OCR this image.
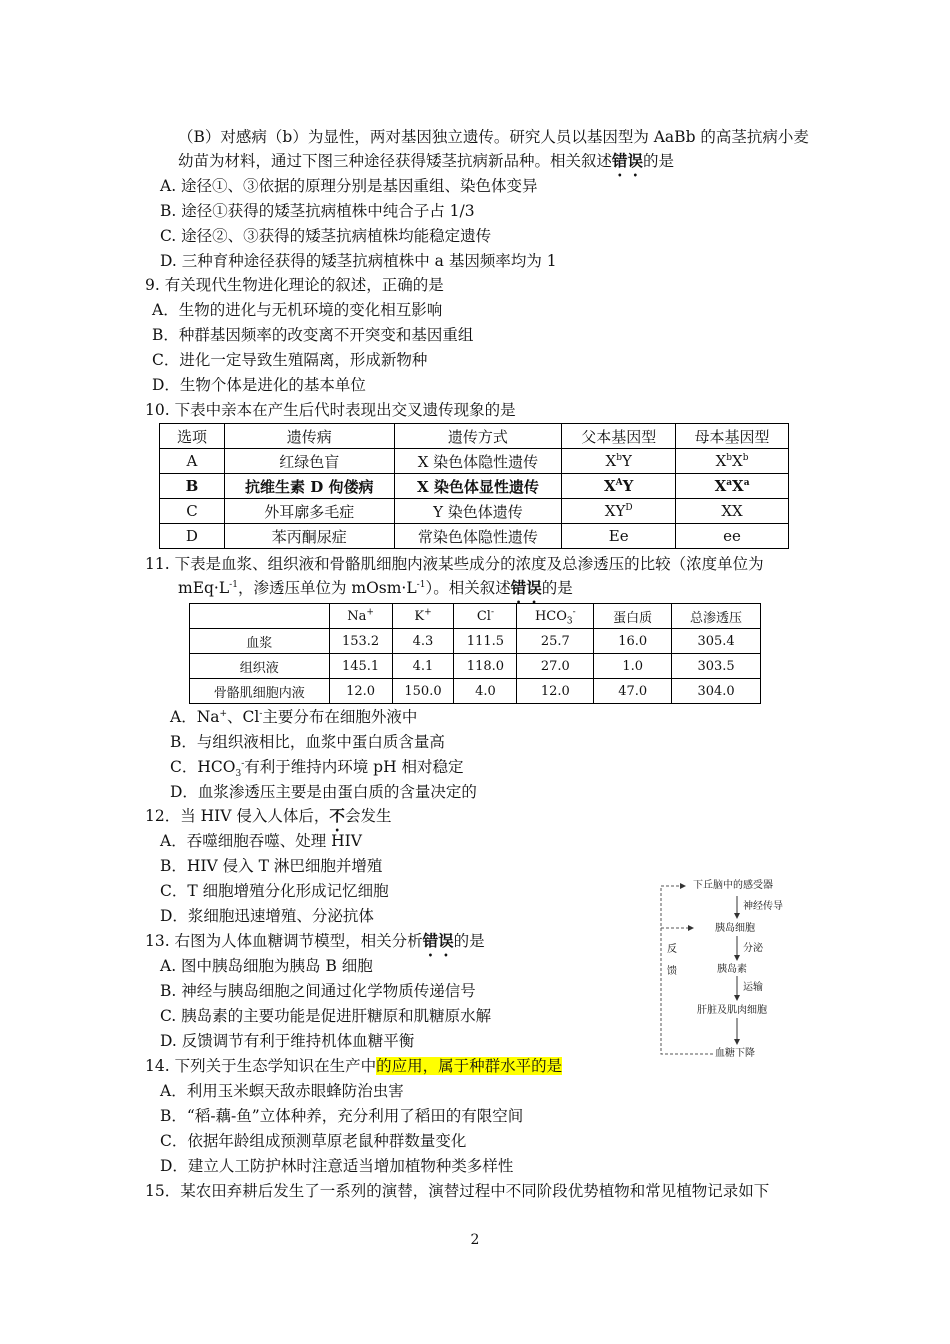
（B）对感病（b）为显性，两对基因独立遗传。研究人员以基因型为 AaBb 的高茎抗病小麦
幼苗为材料，通过下图三种途径获得矮茎抗病新品种。相关叙述错误的是
A. 途径①、③依据的原理分别是基因重组、染色体变异
B. 途径①获得的矮茎抗病植株中纯合子占 1/3
C. 途径②、③获得的矮茎抗病植株均能稳定遗传
D. 三种育种途径获得的矮茎抗病植株中 a 基因频率均为 1
9. 有关现代生物进化理论的叙述，正确的是
A．生物的进化与无机环境的变化相互影响
B．种群基因频率的改变离不开突变和基因重组
C．进化一定导致生殖隔离，形成新物种
D．生物个体是进化的基本单位
10. 下表中亲本在产生后代时表现出交叉遗传现象的是
选项	遗传病	遗传方式	父本基因型	母本基因型
A	红绿色盲	X 染色体隐性遗传	$X^bY$	$X^bX^b$
B	抗维生素 D 佝偻病	X 染色体显性遗传	$X^AY$	$X^aX^a$
C	外耳廓多毛症	Y 染色体遗传	$XY^D$	XX
D	苯丙酮尿症	常染色体隐性遗传	Ee	ee
11. 下表是血浆、组织液和骨骼肌细胞内液某些成分的浓度及总渗透压的比较（浓度单位为
$mEq\cdot L^{-1}$，渗透压单位为 $mOsm\cdot L^{-1}$）。相关叙述错误的是
	Na+	K+	Cl-	$HCO_3^-$	蛋白质	总渗透压
血浆	153.2	4.3	111.5	25.7	16.0	305.4
组织液	145.1	4.1	118.0	27.0	1.0	303.5
骨骼肌细胞内液	12.0	150.0	4.0	12.0	47.0	304.0
A．Na+、Cl-主要分布在细胞外液中
B．与组织液相比，血浆中蛋白质含量高
C．$HCO_3^-$有利于维持内环境 pH 相对稳定
D．血浆渗透压主要是由蛋白质的含量决定的
12．当 HIV 侵入人体后，不会发生
A．吞噬细胞吞噬、处理 HIV
B．HIV 侵入 T 淋巴细胞并增殖
C．T 细胞增殖分化形成记忆细胞
D．浆细胞迅速增殖、分泌抗体
13. 右图为人体血糖调节模型，相关分析错误的是
A. 图中胰岛细胞为胰岛 B 细胞
B. 神经与胰岛细胞之间通过化学物质传递信号
C. 胰岛素的主要功能是促进肝糖原和肌糖原水解
D. 反馈调节有利于维持机体血糖平衡
下丘脑中的感受器
神经传导
胰岛细胞
分泌
胰岛素
运输
肝脏及肌肉细胞
血糖下降
反
馈
14. 下列关于生态学知识在生产中的应用，属于种群水平的是
A．利用玉米螟天敌赤眼蜂防治虫害
B．“稻-藕-鱼”立体种养，充分利用了稻田的有限空间
C．依据年龄组成预测草原老鼠种群数量变化
D．建立人工防护林时注意适当增加植物种类多样性
15．某农田弃耕后发生了一系列的演替，演替过程中不同阶段优势植物和常见植物记录如下
2
